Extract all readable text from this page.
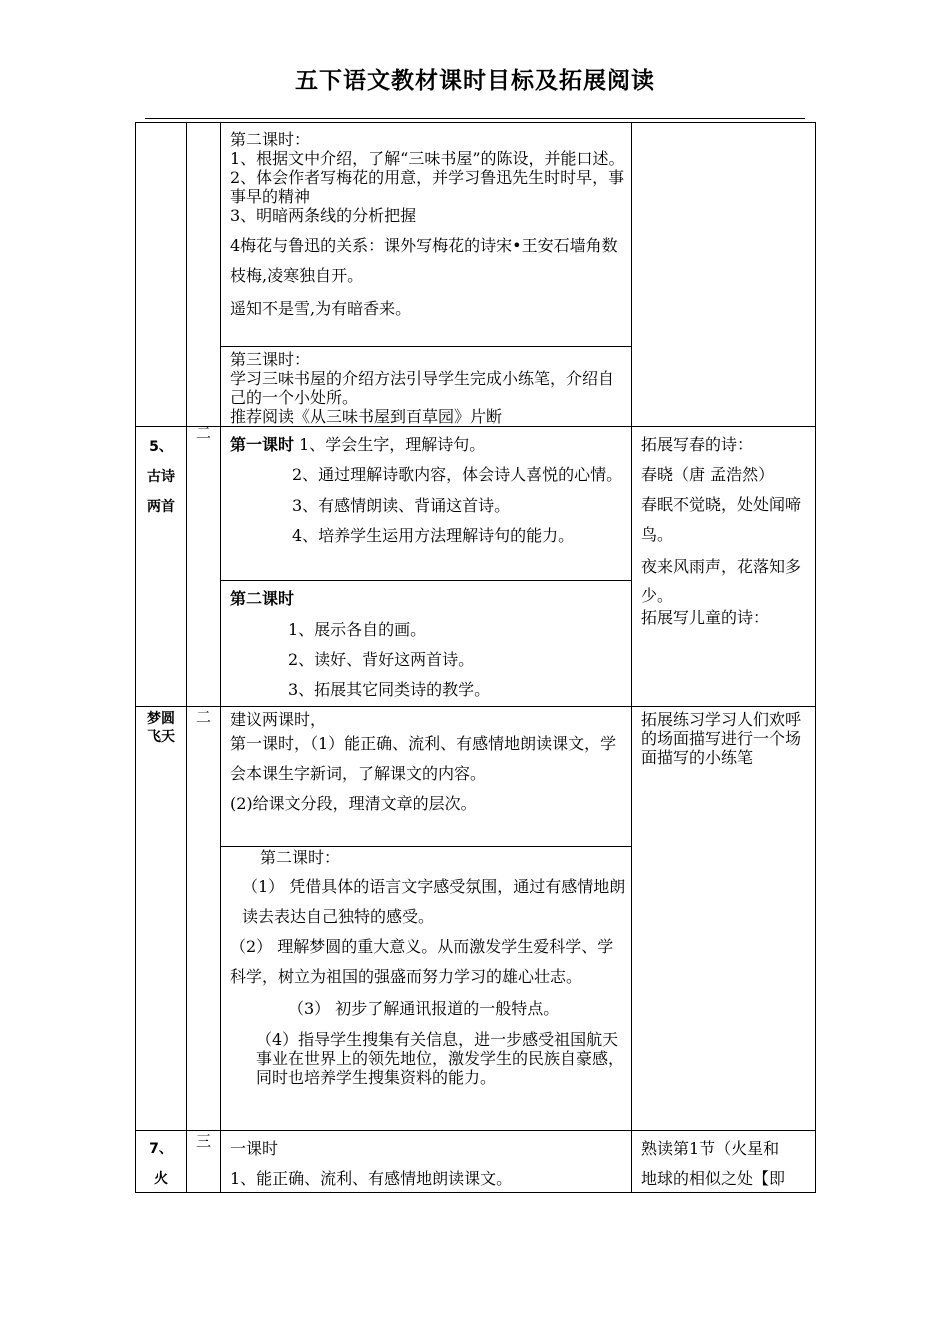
五下语文教材课时目标及拓展阅读

第二课时：

1、根据文中介绍，了解“三味书屋”的陈设，并能口述。

2、体会作者写梅花的用意，并学习鲁迅先生时时早，事事早的精神

3、明暗两条线的分析把握

4梅花与鲁迅的关系：课外写梅花的诗宋•王安石墙角数枝梅,凌寒独自开。

遥知不是雪,为有暗香来。

第三课时：

学习三味书屋的介绍方法引导学生完成小练笔，介绍自己的一个小处所。

推荐阅读《从三味书屋到百草园》片断

5、

古诗

两首

二

第一课时 1、学会生字，理解诗句。

2、通过理解诗歌内容，体会诗人喜悦的心情。

3、有感情朗读、背诵这首诗。

4、培养学生运用方法理解诗句的能力。

第二课时

1、展示各自的画。

2、读好、背好这两首诗。

3、拓展其它同类诗的教学。

拓展写春的诗：

春晓（唐 孟浩然）

春眠不觉晓，处处闻啼鸟。

夜来风雨声，花落知多少。

拓展写儿童的诗：

梦圆

飞天

二	建议两课时，

第一课时，（1）能正确、流利、有感情地朗读课文，学会本课生字新词，了解课文的内容。

(2)给课文分段，理清文章的层次。

第二课时：

（1） 凭借具体的语言文字感受氛围，通过有感情地朗读去表达自己独特的感受。

（2） 理解梦圆的重大意义。从而激发学生爱科学、学科学，树立为祖国的强盛而努力学习的雄心壮志。

（3） 初步了解通讯报道的一般特点。

（4）指导学生搜集有关信息，进一步感受祖国航天事业在世界上的领先地位，激发学生的民族自豪感，同时也培养学生搜集资料的能力。

拓展练习学习人们欢呼的场面描写进行一个场面描写的小练笔

7、

火

三	一课时

1、能正确、流利、有感情地朗读课文。

熟读第1节（火星和

地球的相似之处【即
